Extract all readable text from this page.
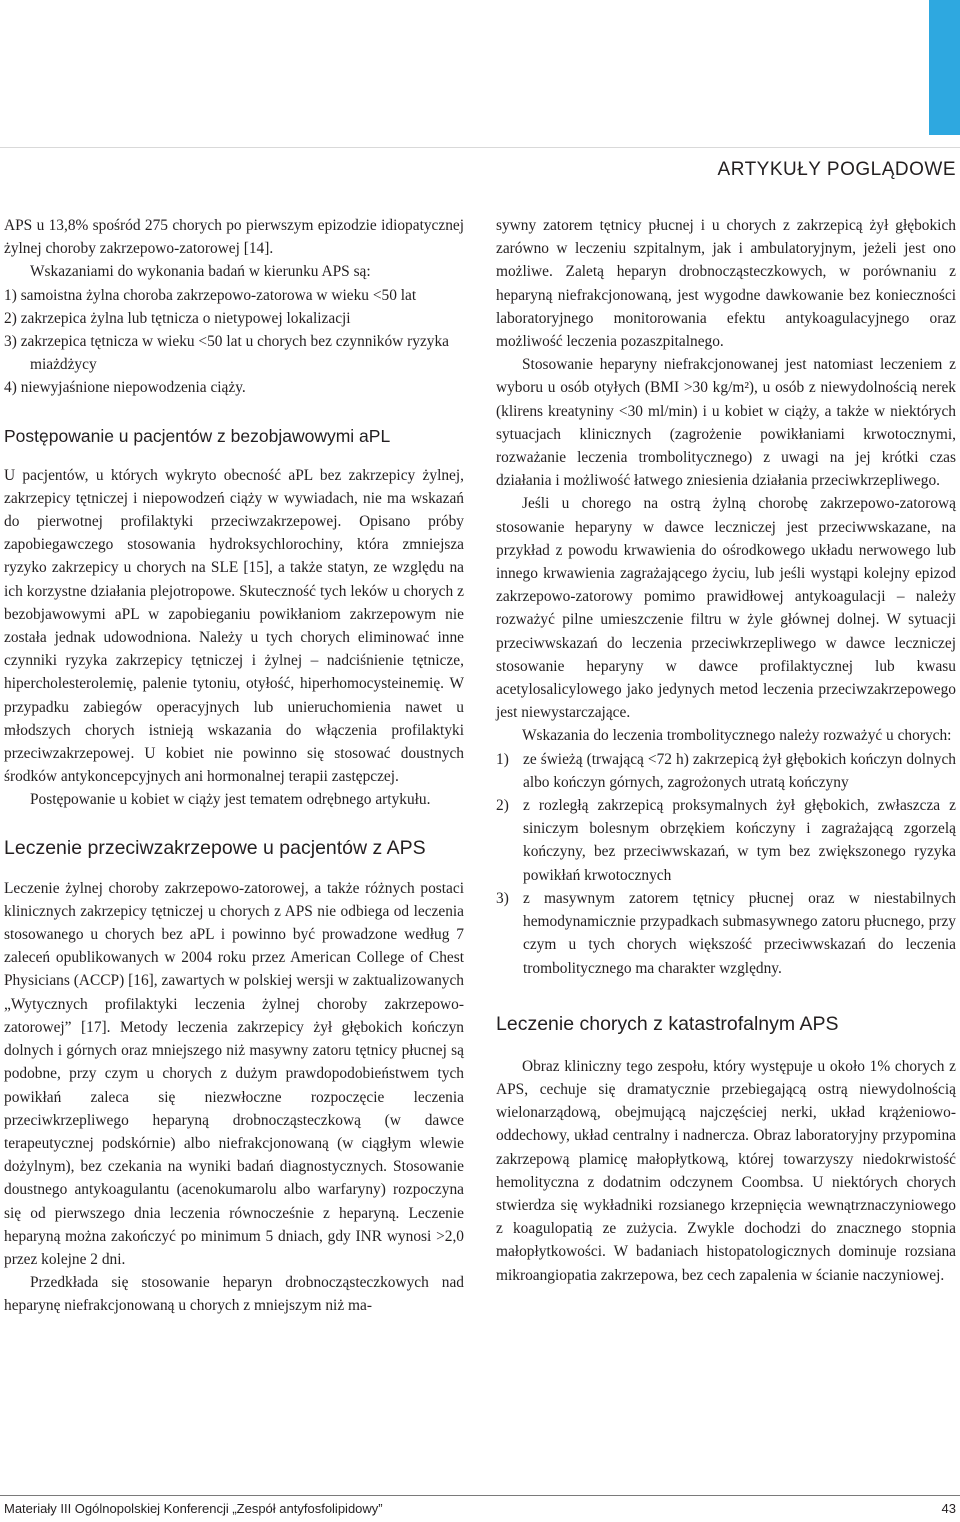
ARTYKUŁY POGLĄDOWE

APS u 13,8% spośród 275 chorych po pierwszym epizodzie idiopatycznej żylnej choroby zakrzepowo-zatorowej [14].

Wskazaniami do wykonania badań w kierunku APS są:

1) samoistna żylna choroba zakrzepowo-zatorowa w wieku <50 lat
2) zakrzepica żylna lub tętnicza o nietypowej lokalizacji
3) zakrzepica tętnicza w wieku <50 lat u chorych bez czynników ryzyka miażdżycy
4) niewyjaśnione niepowodzenia ciąży.
Postępowanie u pacjentów z bezobjawowymi aPL

U pacjentów, u których wykryto obecność aPL bez zakrzepicy żylnej, zakrzepicy tętniczej i niepowodzeń ciąży w wywiadach, nie ma wskazań do pierwotnej profilaktyki przeciwzakrzepowej. Opisano próby zapobiegawczego stosowania hydroksychlorochiny, która zmniejsza ryzyko zakrzepicy u chorych na SLE [15], a także statyn, ze względu na ich korzystne działania plejotropowe. Skuteczność tych leków u chorych z bezobjawowymi aPL w zapobieganiu powikłaniom zakrzepowym nie została jednak udowodniona. Należy u tych chorych eliminować inne czynniki ryzyka zakrzepicy tętniczej i żylnej – nadciśnienie tętnicze, hipercholesterolemię, palenie tytoniu, otyłość, hiperhomocysteinemię. W przypadku zabiegów operacyjnych lub unieruchomienia nawet u młodszych chorych istnieją wskazania do włączenia profilaktyki przeciwzakrzepowej. U kobiet nie powinno się stosować doustnych środków antykoncepcyjnych ani hormonalnej terapii zastępczej.

Postępowanie u kobiet w ciąży jest tematem odrębnego artykułu.

Leczenie przeciwzakrzepowe u pacjentów z APS

Leczenie żylnej choroby zakrzepowo-zatorowej, a także różnych postaci klinicznych zakrzepicy tętniczej u chorych z APS nie odbiega od leczenia stosowanego u chorych bez aPL i powinno być prowadzone według 7 zaleceń opublikowanych w 2004 roku przez American College of Chest Physicians (ACCP) [16], zawartych w polskiej wersji w zaktualizowanych „Wytycznych profilaktyki leczenia żylnej choroby zakrzepowo-zatorowej” [17]. Metody leczenia zakrzepicy żył głębokich kończyn dolnych i górnych oraz mniejszego niż masywny zatoru tętnicy płucnej są podobne, przy czym u chorych z dużym prawdopodobieństwem tych powikłań zaleca się niezwłoczne rozpoczęcie leczenia przeciwkrzepliwego heparyną drobnocząsteczkową (w dawce terapeutycznej podskórnie) albo niefrakcjonowaną (w ciągłym wlewie dożylnym), bez czekania na wyniki badań diagnostycznych. Stosowanie doustnego antykoagulantu (acenokumarolu albo warfaryny) rozpoczyna się od pierwszego dnia leczenia równocześnie z heparyną. Leczenie heparyną można zakończyć po minimum 5 dniach, gdy INR wynosi >2,0 przez kolejne 2 dni.

Przedkłada się stosowanie heparyn drobnocząsteczkowych nad heparynę niefrakcjonowaną u chorych z mniejszym niż ma-

sywny zatorem tętnicy płucnej i u chorych z zakrzepicą żył głębokich zarówno w leczeniu szpitalnym, jak i ambulatoryjnym, jeżeli jest ono możliwe. Zaletą heparyn drobnocząsteczkowych, w porównaniu z heparyną niefrakcjonowaną, jest wygodne dawkowanie bez konieczności laboratoryjnego monitorowania efektu antykoagulacyjnego oraz możliwość leczenia pozaszpitalnego.

Stosowanie heparyny niefrakcjonowanej jest natomiast leczeniem z wyboru u osób otyłych (BMI >30 kg/m²), u osób z niewydolnością nerek (klirens kreatyniny <30 ml/min) i u kobiet w ciąży, a także w niektórych sytuacjach klinicznych (zagrożenie powikłaniami krwotocznymi, rozważanie leczenia trombolitycznego) z uwagi na jej krótki czas działania i możliwość łatwego zniesienia działania przeciwkrzepliwego.

Jeśli u chorego na ostrą żylną chorobę zakrzepowo-zatorową stosowanie heparyny w dawce leczniczej jest przeciwwskazane, na przykład z powodu krwawienia do ośrodkowego układu nerwowego lub innego krwawienia zagrażającego życiu, lub jeśli wystąpi kolejny epizod zakrzepowo-zatorowy pomimo prawidłowej antykoagulacji – należy rozważyć pilne umieszczenie filtru w żyle głównej dolnej. W sytuacji przeciwwskazań do leczenia przeciwkrzepliwego w dawce leczniczej stosowanie heparyny w dawce profilaktycznej lub kwasu acetylosalicylowego jako jedynych metod leczenia przeciwzakrzepowego jest niewystarczające.

Wskazania do leczenia trombolitycznego należy rozważyć u chorych:

1) ze świeżą (trwającą <72 h) zakrzepicą żył głębokich kończyn dolnych albo kończyn górnych, zagrożonych utratą kończyny
2) z rozległą zakrzepicą proksymalnych żył głębokich, zwłaszcza z siniczym bolesnym obrzękiem kończyny i zagrażającą zgorzelą kończyny, bez przeciwwskazań, w tym bez zwiększonego ryzyka powikłań krwotocznych
3) z masywnym zatorem tętnicy płucnej oraz w niestabilnych hemodynamicznie przypadkach submasywnego zatoru płucnego, przy czym u tych chorych większość przeciwwskazań do leczenia trombolitycznego ma charakter względny.
Leczenie chorych z katastrofalnym APS

Obraz kliniczny tego zespołu, który występuje u około 1% chorych z APS, cechuje się dramatycznie przebiegającą ostrą niewydolnością wielonarządową, obejmującą najczęściej nerki, układ krążeniowo-oddechowy, układ centralny i nadnercza. Obraz laboratoryjny przypomina zakrzepową plamicę małopłytkową, której towarzyszy niedokrwistość hemolityczna z dodatnim odczynem Coombsa. U niektórych chorych stwierdza się wykładniki rozsianego krzepnięcia wewnątrznaczyniowego z koagulopatią ze zużycia. Zwykle dochodzi do znacznego stopnia małopłytkowości. W badaniach histopatologicznych dominuje rozsiana mikroangiopatia zakrzepowa, bez cech zapalenia w ścianie naczyniowej.

Materiały III Ogólnopolskiej Konferencji „Zespół antyfosfolipidowy”	43
